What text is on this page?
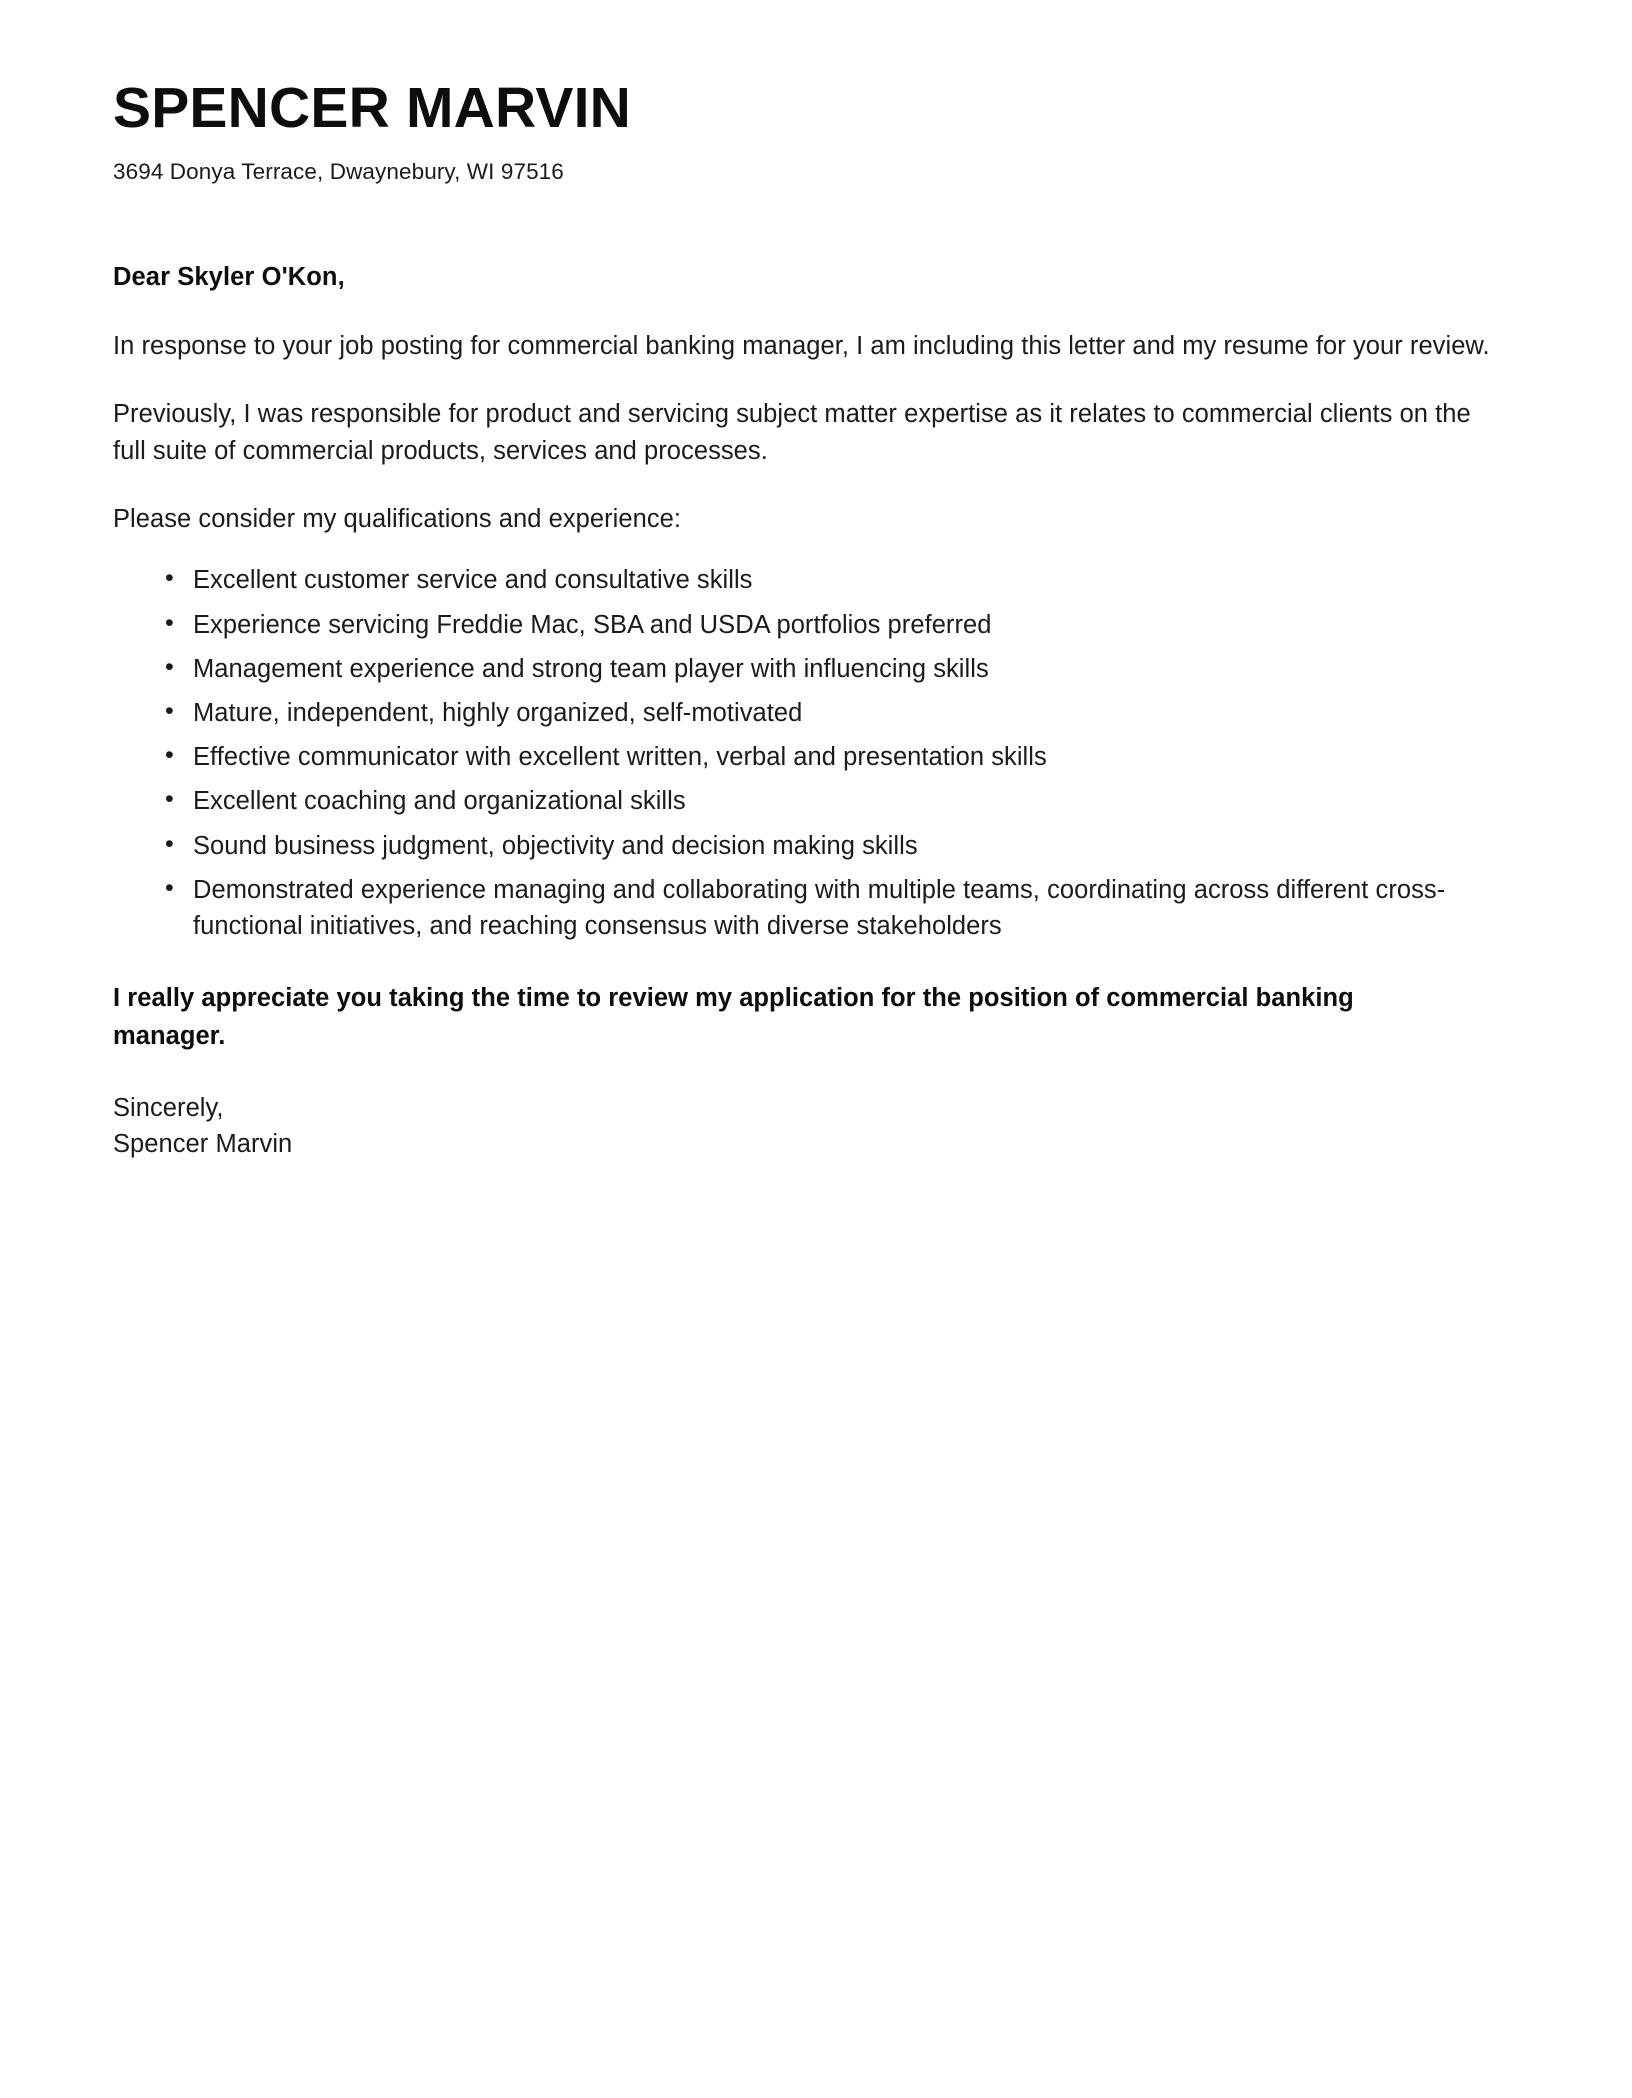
SPENCER MARVIN
3694 Donya Terrace, Dwaynebury, WI 97516
Dear Skyler O'Kon,

In response to your job posting for commercial banking manager, I am including this letter and my resume for your review.

Previously, I was responsible for product and servicing subject matter expertise as it relates to commercial clients on the full suite of commercial products, services and processes.

Please consider my qualifications and experience:

• Excellent customer service and consultative skills
• Experience servicing Freddie Mac, SBA and USDA portfolios preferred
• Management experience and strong team player with influencing skills
• Mature, independent, highly organized, self-motivated
• Effective communicator with excellent written, verbal and presentation skills
• Excellent coaching and organizational skills
• Sound business judgment, objectivity and decision making skills
• Demonstrated experience managing and collaborating with multiple teams, coordinating across different cross-functional initiatives, and reaching consensus with diverse stakeholders

I really appreciate you taking the time to review my application for the position of commercial banking manager.

Sincerely,
Spencer Marvin
